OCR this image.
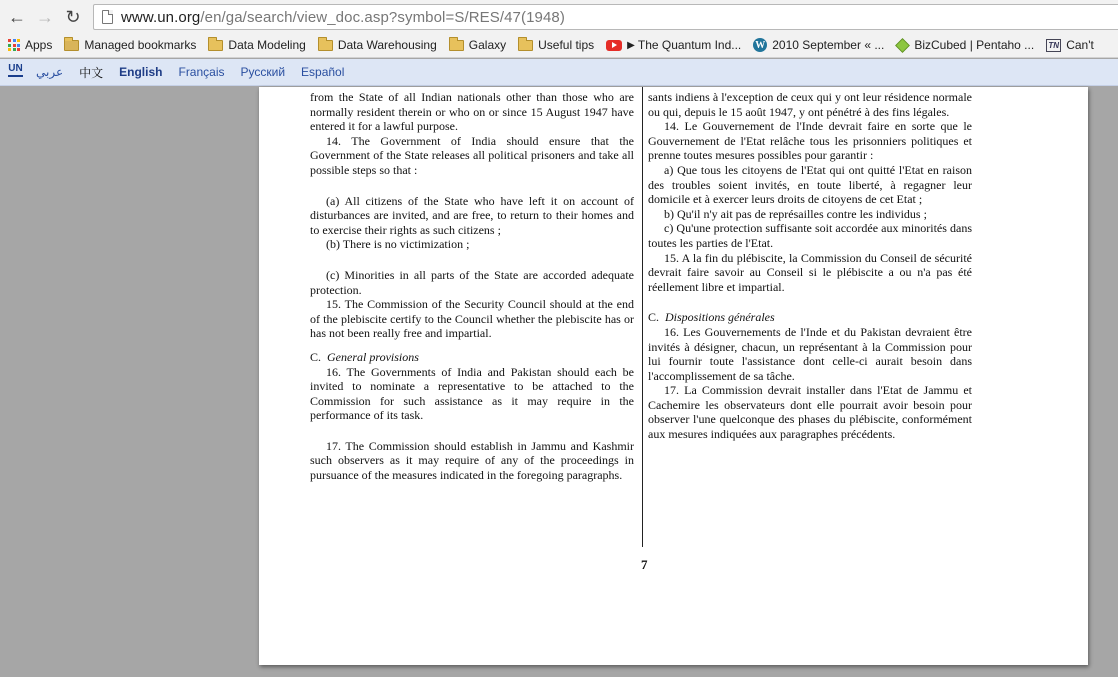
← → ↻	www.un.org/en/ga/search/view_doc.asp?symbol=S/RES/47(1948)
Apps	Managed bookmarks	Data Modeling	Data Warehousing	Galaxy	Useful tips	▶ The Quantum Ind... W 2010 September « ...	BizCubed | Pentaho ... TN Can't
UN عربي 中文 English Français Русский Español

from the State of all Indian nationals other than those who are normally resident therein or who on or since 15 August 1947 have entered it for a lawful purpose.

14. The Government of India should ensure that the Government of the State releases all political prisoners and take all possible steps so that :

(a) All citizens of the State who have left it on account of disturbances are invited, and are free, to return to their homes and to exercise their rights as such citizens ;

(b) There is no victimization ;

(c) Minorities in all parts of the State are accorded adequate protection.

15. The Commission of the Security Council should at the end of the plebiscite certify to the Council whether the plebiscite has or has not been really free and impartial.

C. General provisions

16. The Governments of India and Pakistan should each be invited to nominate a representative to be attached to the Commission for such assistance as it may require in the performance of its task.

17. The Commission should establish in Jammu and Kashmir such observers as it may require of any of the proceedings in pursuance of the measures indicated in the foregoing paragraphs.

sants indiens à l'exception de ceux qui y ont leur résidence normale ou qui, depuis le 15 août 1947, y ont pénétré à des fins légales.

14. Le Gouvernement de l'Inde devrait faire en sorte que le Gouvernement de l'Etat relâche tous les prisonniers politiques et prenne toutes mesures possibles pour garantir :

a) Que tous les citoyens de l'Etat qui ont quitté l'Etat en raison des troubles soient invités, en toute liberté, à regagner leur domicile et à exercer leurs droits de citoyens de cet Etat ;

b) Qu'il n'y ait pas de représailles contre les individus ;

c) Qu'une protection suffisante soit accordée aux minorités dans toutes les parties de l'Etat.

15. A la fin du plébiscite, la Commission du Conseil de sécurité devrait faire savoir au Conseil si le plébiscite a ou n'a pas été réellement libre et impartial.

C. Dispositions générales

16. Les Gouvernements de l'Inde et du Pakistan devraient être invités à désigner, chacun, un représentant à la Commission pour lui fournir toute l'assistance dont celle-ci aurait besoin dans l'accomplissement de sa tâche.

17. La Commission devrait installer dans l'Etat de Jammu et Cachemire les observateurs dont elle pourrait avoir besoin pour observer l'une quelconque des phases du plébiscite, conformément aux mesures indiquées aux paragraphes précédents.

7
